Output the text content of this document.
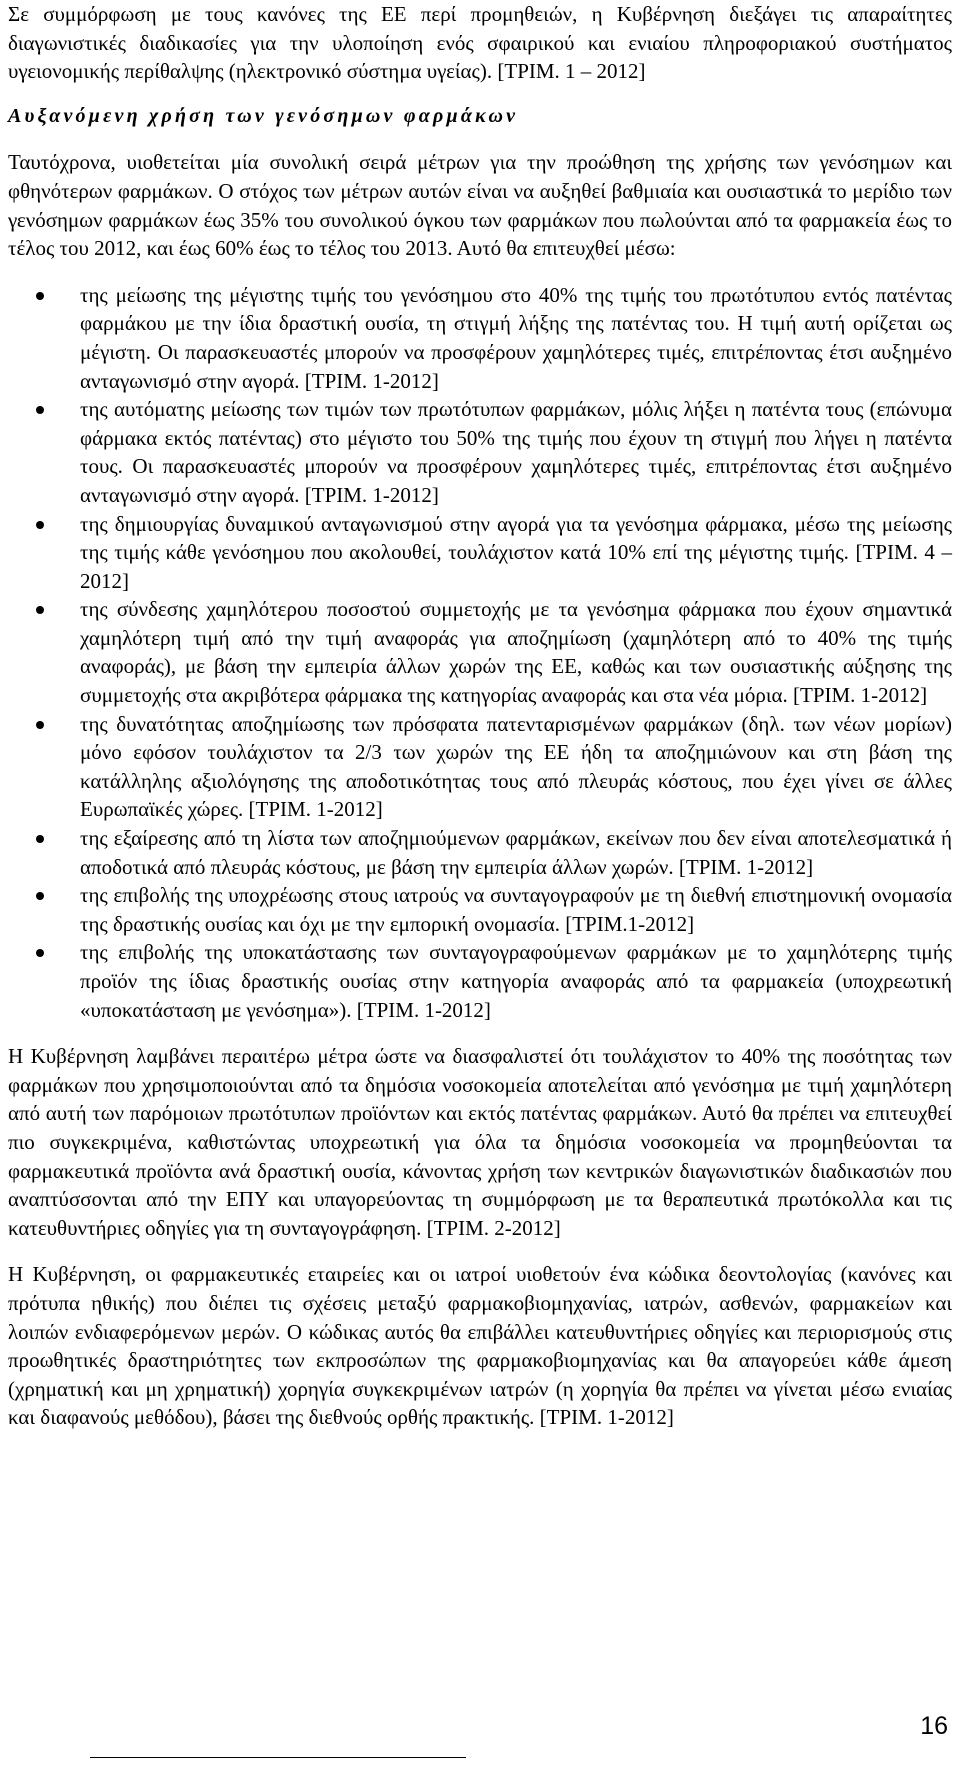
Σε συμμόρφωση με τους κανόνες της ΕΕ περί προμηθειών, η Κυβέρνηση διεξάγει τις απαραίτητες διαγωνιστικές διαδικασίες για την υλοποίηση ενός σφαιρικού και ενιαίου πληροφοριακού συστήματος υγειονομικής περίθαλψης (ηλεκτρονικό σύστημα υγείας). [ΤΡΙΜ. 1 – 2012]

Αυξανόμενη χρήση των γενόσημων φαρμάκων

Ταυτόχρονα, υιοθετείται μία συνολική σειρά μέτρων για την προώθηση της χρήσης των γενόσημων και φθηνότερων φαρμάκων. Ο στόχος των μέτρων αυτών είναι να αυξηθεί βαθμιαία και ουσιαστικά το μερίδιο των γενόσημων φαρμάκων έως 35% του συνολικού όγκου των φαρμάκων που πωλούνται από τα φαρμακεία έως το τέλος του 2012, και έως 60% έως το τέλος του 2013. Αυτό θα επιτευχθεί μέσω:

της μείωσης της μέγιστης τιμής του γενόσημου στο 40% της τιμής του πρωτότυπου εντός πατέντας φαρμάκου με την ίδια δραστική ουσία, τη στιγμή λήξης της πατέντας του. Η τιμή αυτή ορίζεται ως μέγιστη. Οι παρασκευαστές μπορούν να προσφέρουν χαμηλότερες τιμές, επιτρέποντας έτσι αυξημένο ανταγωνισμό στην αγορά. [ΤΡΙΜ. 1-2012]
της αυτόματης μείωσης των τιμών των πρωτότυπων φαρμάκων, μόλις λήξει η πατέντα τους (επώνυμα φάρμακα εκτός πατέντας) στο μέγιστο του 50% της τιμής που έχουν τη στιγμή που λήγει η πατέντα τους. Οι παρασκευαστές μπορούν να προσφέρουν χαμηλότερες τιμές, επιτρέποντας έτσι αυξημένο ανταγωνισμό στην αγορά. [ΤΡΙΜ. 1-2012]
της δημιουργίας δυναμικού ανταγωνισμού στην αγορά για τα γενόσημα φάρμακα, μέσω της μείωσης της τιμής κάθε γενόσημου που ακολουθεί, τουλάχιστον κατά 10% επί της μέγιστης τιμής. [ΤΡΙΜ. 4 – 2012]
της σύνδεσης χαμηλότερου ποσοστού συμμετοχής με τα γενόσημα φάρμακα που έχουν σημαντικά χαμηλότερη τιμή από την τιμή αναφοράς για αποζημίωση (χαμηλότερη από το 40% της τιμής αναφοράς), με βάση την εμπειρία άλλων χωρών της ΕΕ, καθώς και των ουσιαστικής αύξησης της συμμετοχής στα ακριβότερα φάρμακα της κατηγορίας αναφοράς και στα νέα μόρια. [ΤΡΙΜ. 1-2012]
της δυνατότητας αποζημίωσης των πρόσφατα πατενταρισμένων φαρμάκων (δηλ. των νέων μορίων) μόνο εφόσον τουλάχιστον τα 2/3 των χωρών της ΕΕ ήδη τα αποζημιώνουν και στη βάση της κατάλληλης αξιολόγησης της αποδοτικότητας τους από πλευράς κόστους, που έχει γίνει σε άλλες Ευρωπαϊκές χώρες. [ΤΡΙΜ. 1-2012]
της εξαίρεσης από τη λίστα των αποζημιούμενων φαρμάκων, εκείνων που δεν είναι αποτελεσματικά ή αποδοτικά από πλευράς κόστους, με βάση την εμπειρία άλλων χωρών. [ΤΡΙΜ. 1-2012]
της επιβολής της υποχρέωσης στους ιατρούς να συνταγογραφούν με τη διεθνή επιστημονική ονομασία της δραστικής ουσίας και όχι με την εμπορική ονομασία. [ΤΡΙΜ.1-2012]
της επιβολής της υποκατάστασης των συνταγογραφούμενων φαρμάκων με το χαμηλότερης τιμής προϊόν της ίδιας δραστικής ουσίας στην κατηγορία αναφοράς από τα φαρμακεία (υποχρεωτική «υποκατάσταση με γενόσημα»). [ΤΡΙΜ. 1-2012]

Η Κυβέρνηση λαμβάνει περαιτέρω μέτρα ώστε να διασφαλιστεί ότι τουλάχιστον το 40% της ποσότητας των φαρμάκων που χρησιμοποιούνται από τα δημόσια νοσοκομεία αποτελείται από γενόσημα με τιμή χαμηλότερη από αυτή των παρόμοιων πρωτότυπων προϊόντων και εκτός πατέντας φαρμάκων. Αυτό θα πρέπει να επιτευχθεί πιο συγκεκριμένα, καθιστώντας υποχρεωτική για όλα τα δημόσια νοσοκομεία να προμηθεύονται τα φαρμακευτικά προϊόντα ανά δραστική ουσία, κάνοντας χρήση των κεντρικών διαγωνιστικών διαδικασιών που αναπτύσσονται από την ΕΠΥ και υπαγορεύοντας τη συμμόρφωση με τα θεραπευτικά πρωτόκολλα και τις κατευθυντήριες οδηγίες για τη συνταγογράφηση. [ΤΡΙΜ. 2-2012]

Η Κυβέρνηση, οι φαρμακευτικές εταιρείες και οι ιατροί υιοθετούν ένα κώδικα δεοντολογίας (κανόνες και πρότυπα ηθικής) που διέπει τις σχέσεις μεταξύ φαρμακοβιομηχανίας, ιατρών, ασθενών, φαρμακείων και λοιπών ενδιαφερόμενων μερών. Ο κώδικας αυτός θα επιβάλλει κατευθυντήριες οδηγίες και περιορισμούς στις προωθητικές δραστηριότητες των εκπροσώπων της φαρμακοβιομηχανίας και θα απαγορεύει κάθε άμεση (χρηματική και μη χρηματική) χορηγία συγκεκριμένων ιατρών (η χορηγία θα πρέπει να γίνεται μέσω ενιαίας και διαφανούς μεθόδου), βάσει της διεθνούς ορθής πρακτικής. [ΤΡΙΜ. 1-2012]

16
